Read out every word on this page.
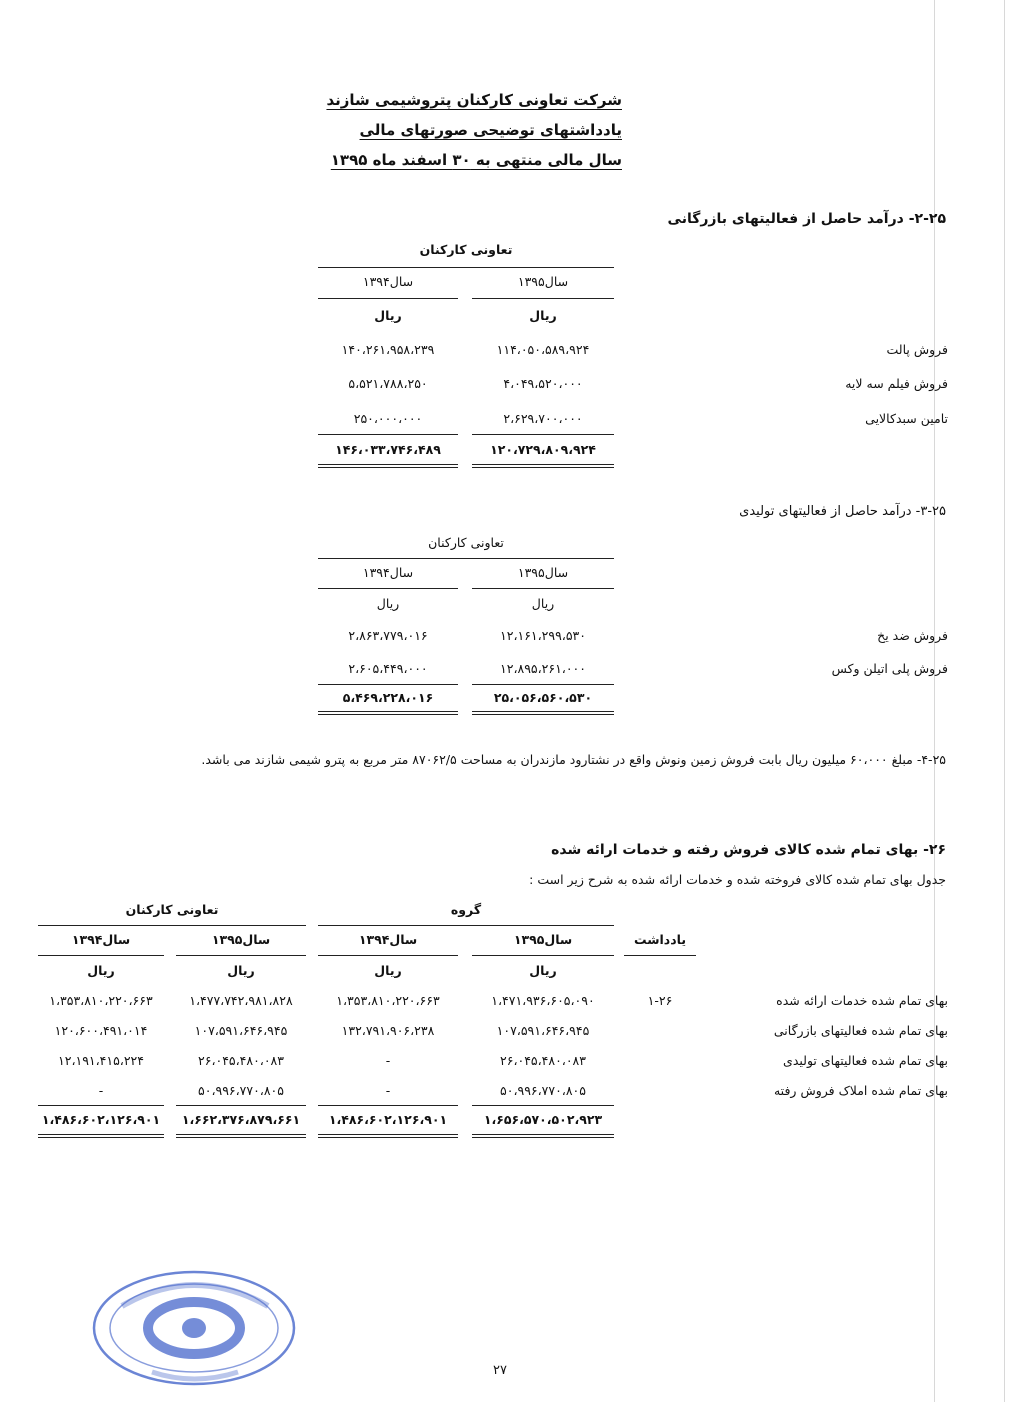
شرکت تعاونی کارکنان پتروشیمی شازند
یادداشتهای توضیحی صورتهای مالی
سال مالی منتهی به ۳۰ اسفند ماه ۱۳۹۵
۲-۲۵- درآمد حاصل از فعالیتهای بازرگانی
تعاونی کارکنان
سال۱۳۹۵
سال۱۳۹۴
ریال
ریال
فروش پالت
۱۱۴،۰۵۰،۵۸۹،۹۲۴
۱۴۰،۲۶۱،۹۵۸،۲۳۹
فروش فیلم سه لایه
۴،۰۴۹،۵۲۰،۰۰۰
۵،۵۲۱،۷۸۸،۲۵۰
تامین سبدکالایی
۲،۶۲۹،۷۰۰،۰۰۰
۲۵۰،۰۰۰،۰۰۰
۱۲۰،۷۲۹،۸۰۹،۹۲۴
۱۴۶،۰۳۳،۷۴۶،۴۸۹
۳-۲۵- درآمد حاصل از فعالیتهای تولیدی
تعاونی کارکنان
سال۱۳۹۵
سال۱۳۹۴
ریال
ریال
فروش ضد یخ
۱۲،۱۶۱،۲۹۹،۵۳۰
۲،۸۶۳،۷۷۹،۰۱۶
فروش پلی اتیلن وکس
۱۲،۸۹۵،۲۶۱،۰۰۰
۲،۶۰۵،۴۴۹،۰۰۰
۲۵،۰۵۶،۵۶۰،۵۳۰
۵،۴۶۹،۲۲۸،۰۱۶
۴-۲۵- مبلغ ۶۰،۰۰۰ میلیون ریال بابت فروش زمین ونوش واقع در نشتارود مازندران به مساحت ۸۷۰۶۲/۵ متر مربع به پترو شیمی شازند می باشد.
۲۶- بهای تمام شده کالای فروش رفته و خدمات ارائه شده
جدول بهای تمام شده کالای فروخته شده و خدمات ارائه شده به شرح زیر است :
گروه
تعاونی کارکنان
یادداشت
سال۱۳۹۵
سال۱۳۹۴
سال۱۳۹۵
سال۱۳۹۴
ریال
ریال
ریال
ریال
بهای تمام شده خدمات ارائه شده
۱-۲۶
۱،۴۷۱،۹۳۶،۶۰۵،۰۹۰
۱،۳۵۳،۸۱۰،۲۲۰،۶۶۳
۱،۴۷۷،۷۴۲،۹۸۱،۸۲۸
۱،۳۵۳،۸۱۰،۲۲۰،۶۶۳
بهای تمام شده فعالیتهای بازرگانی
۱۰۷،۵۹۱،۶۴۶،۹۴۵
۱۳۲،۷۹۱،۹۰۶،۲۳۸
۱۰۷،۵۹۱،۶۴۶،۹۴۵
۱۲۰،۶۰۰،۴۹۱،۰۱۴
بهای تمام شده فعالیتهای تولیدی
۲۶،۰۴۵،۴۸۰،۰۸۳
-
۲۶،۰۴۵،۴۸۰،۰۸۳
۱۲،۱۹۱،۴۱۵،۲۲۴
بهای تمام شده املاک فروش رفته
۵۰،۹۹۶،۷۷۰،۸۰۵
-
۵۰،۹۹۶،۷۷۰،۸۰۵
-
۱،۶۵۶،۵۷۰،۵۰۲،۹۲۳
۱،۴۸۶،۶۰۲،۱۲۶،۹۰۱
۱،۶۶۲،۳۷۶،۸۷۹،۶۶۱
۱،۴۸۶،۶۰۲،۱۲۶،۹۰۱
۲۷
